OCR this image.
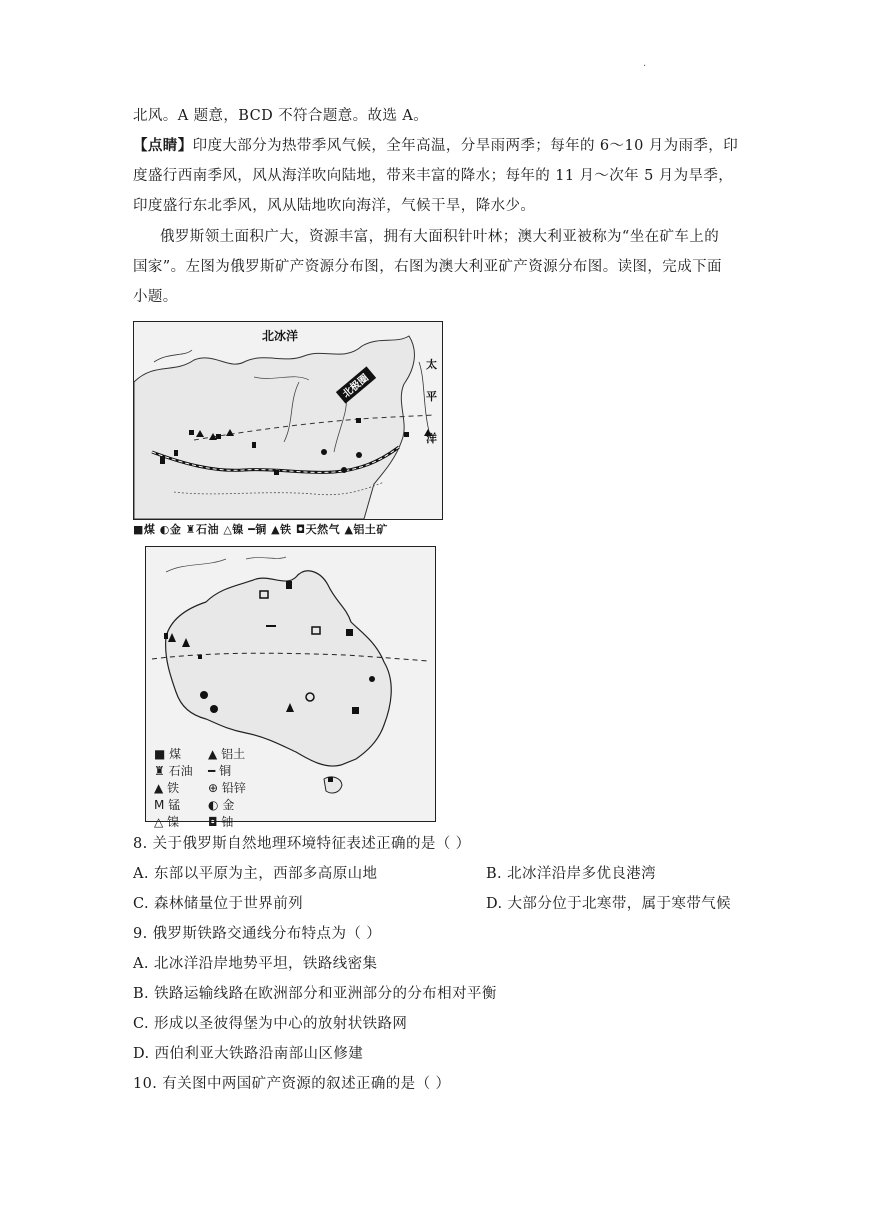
.
北风。A 题意，BCD 不符合题意。故选 A。
【点睛】印度大部分为热带季风气候，全年高温，分旱雨两季；每年的 6～10 月为雨季，印
度盛行西南季风，风从海洋吹向陆地，带来丰富的降水；每年的 11 月～次年 5 月为旱季，
印度盛行东北季风，风从陆地吹向海洋，气候干旱，降水少。
俄罗斯领土面积广大，资源丰富，拥有大面积针叶林；澳大利亚被称为“坐在矿车上的
国家”。左图为俄罗斯矿产资源分布图，右图为澳大利亚矿产资源分布图。读图，完成下面
小题。
北冰洋
太
平
洋
北极圈
■煤 ◐金 ♜石油 △镍 ━铜 ▲铁 ◘天然气 ▲铝土矿
■ 煤
♜ 石油
▲ 铁
M 锰
△ 镍
▲ 铝土
━ 铜
⊕ 铅锌
◐ 金
◘ 铀
8. 关于俄罗斯自然地理环境特征表述正确的是（ ）
A. 东部以平原为主，西部多高原山地	B. 北冰洋沿岸多优良港湾
C. 森林储量位于世界前列	D. 大部分位于北寒带，属于寒带气候
9. 俄罗斯铁路交通线分布特点为（ ）
A. 北冰洋沿岸地势平坦，铁路线密集
B. 铁路运输线路在欧洲部分和亚洲部分的分布相对平衡
C. 形成以圣彼得堡为中心的放射状铁路网
D. 西伯利亚大铁路沿南部山区修建
10. 有关图中两国矿产资源的叙述正确的是（ ）
